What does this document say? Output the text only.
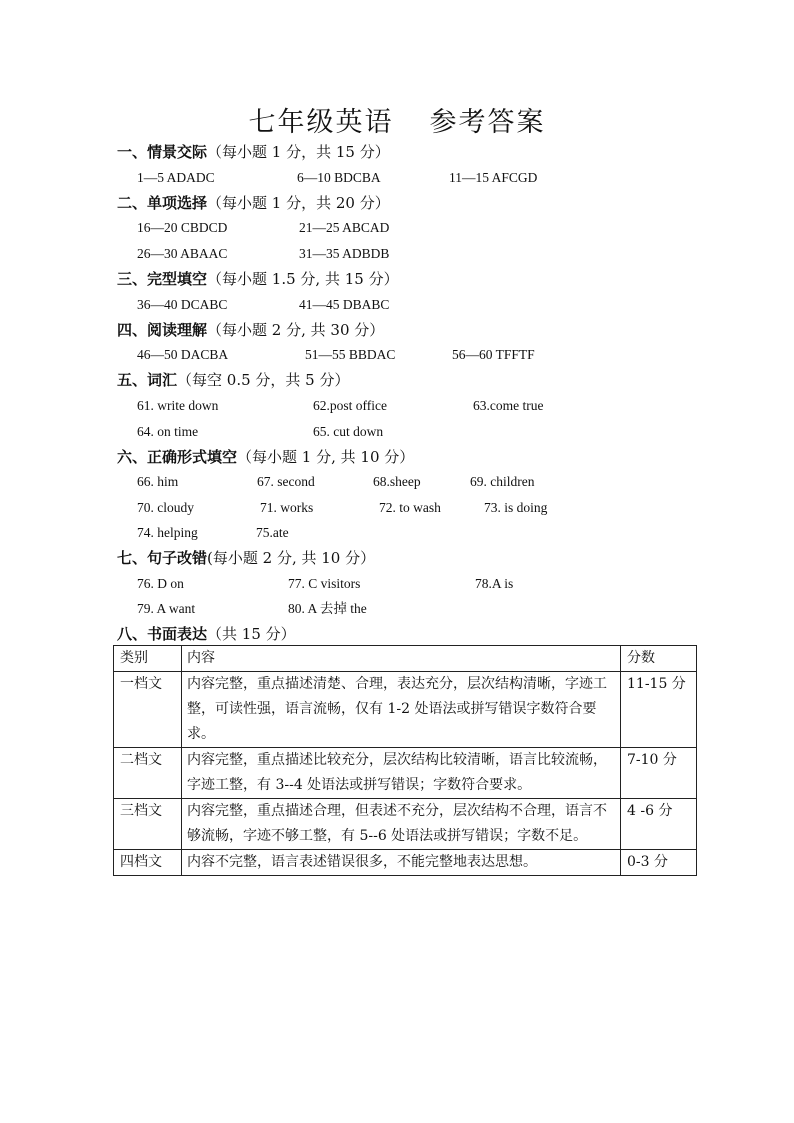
七年级英语 参考答案
一、情景交际（每小题 1 分，共 15 分）
1—5 ADADC	6—10 BDCBA	11—15 AFCGD
二、单项选择（每小题 1 分，共 20 分）
16—20 CBDCD	21—25 ABCAD
26—30 ABAAC	31—35 ADBDB
三、完型填空（每小题 1.5 分, 共 15 分）
36—40 DCABC	41—45 DBABC
四、阅读理解（每小题 2 分, 共 30 分）
46—50 DACBA	51—55 BBDAC	56—60 TFFTF
五、词汇（每空 0.5 分，共 5 分）
61. write down	62.post office	63.come true
64. on time	65. cut down
六、正确形式填空（每小题 1 分, 共 10 分）
66. him	67. second	68.sheep	69. children
70. cloudy	71. works	72. to wash	73. is doing
74. helping	75.ate
七、句子改错(每小题 2 分, 共 10 分）
76. D on	77. C visitors	78.A is
79. A want	80. A 去掉 the
八、书面表达（共 15 分）
类别	内容	分数
一档文	内容完整，重点描述清楚、合理，表达充分，层次结构清晰，字迹工整，可读性强，语言流畅，仅有 1-2 处语法或拼写错误字数符合要求。	11-15 分
二档文	内容完整，重点描述比较充分，层次结构比较清晰，语言比较流畅，字迹工整，有 3--4 处语法或拼写错误；字数符合要求。	7-10 分
三档文	内容完整，重点描述合理，但表述不充分，层次结构不合理，语言不够流畅，字迹不够工整，有 5--6 处语法或拼写错误；字数不足。	4 -6 分
四档文	内容不完整，语言表述错误很多，不能完整地表达思想。	0-3 分
